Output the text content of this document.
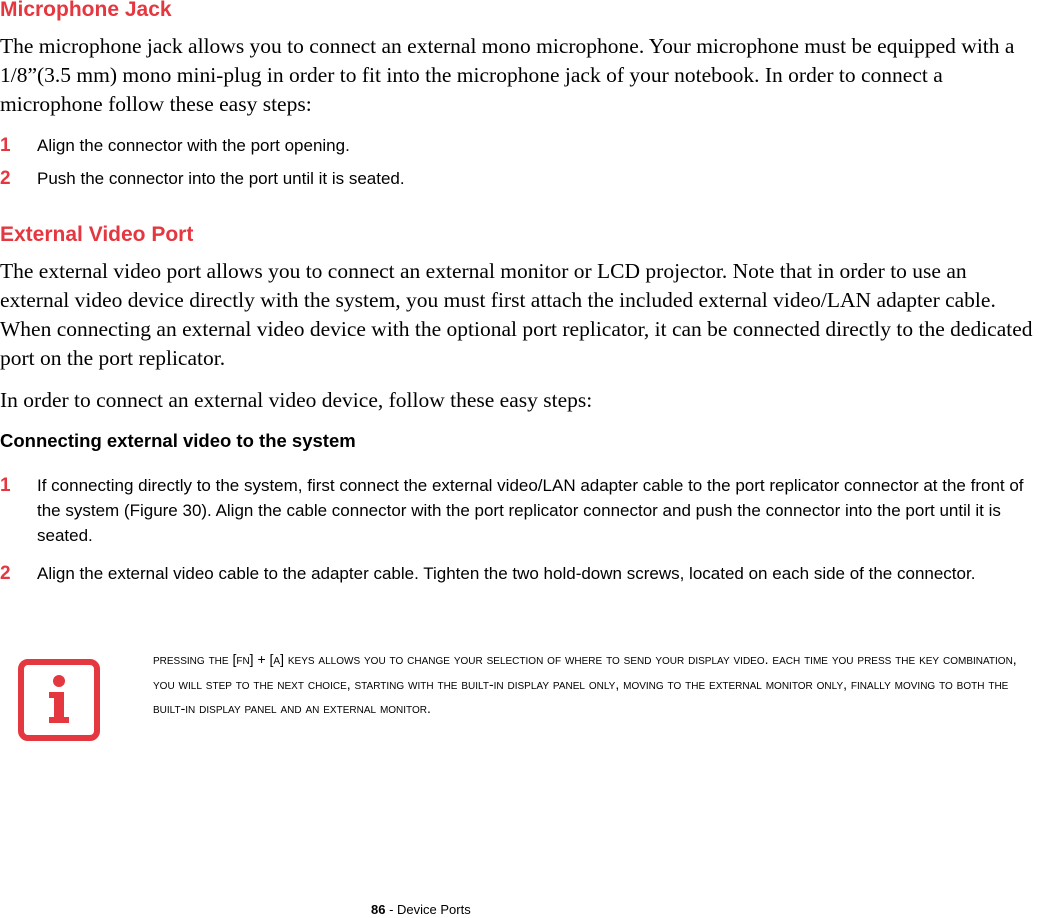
Microphone Jack

The microphone jack allows you to connect an external mono microphone. Your microphone must be equipped with a 1/8”(3.5 mm) mono mini-plug in order to fit into the microphone jack of your notebook. In order to connect a microphone follow these easy steps:

1 Align the connector with the port opening.
2 Push the connector into the port until it is seated.
External Video Port

The external video port allows you to connect an external monitor or LCD projector. Note that in order to use an external video device directly with the system, you must first attach the included external video/LAN adapter cable. When connecting an external video device with the optional port replicator, it can be connected directly to the dedicated port on the port replicator.

In order to connect an external video device, follow these easy steps:

Connecting external video to the system
1 If connecting directly to the system, first connect the external video/LAN adapter cable to the port replicator connector at the front of the system (Figure 30). Align the cable connector with the port replicator connector and push the connector into the port until it is seated.
2 Align the external video cable to the adapter cable. Tighten the two hold-down screws, located on each side of the connector.
pressing the [fn] + [a] keys allows you to change your selection of where to send your display video. each time you press the key combination, you will step to the next choice, starting with the built-in display panel only, moving to the external monitor only, finally moving to both the built-in display panel and an external monitor.
86 - Device Ports
